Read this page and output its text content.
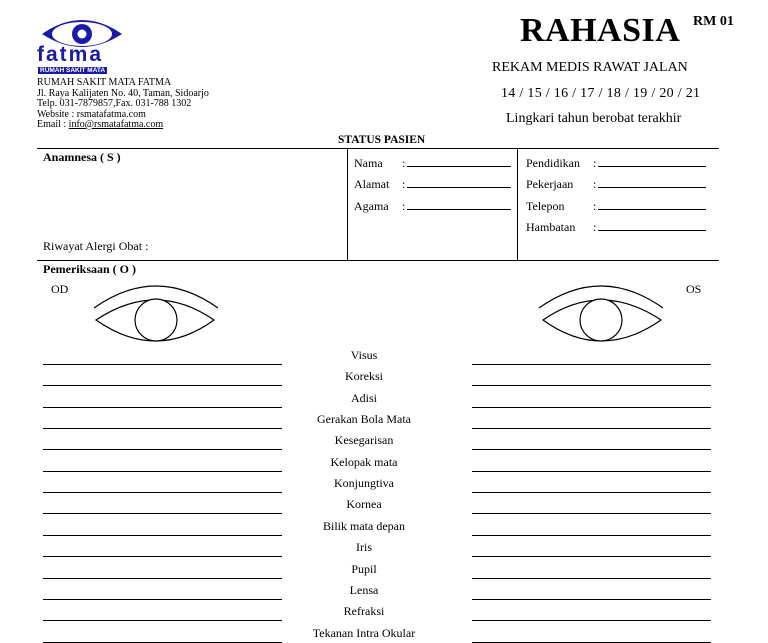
fatma
RUMAH SAKIT MATA
RUMAH SAKIT MATA FATMA
Jl. Raya Kalijaten No. 40, Taman, Sidoarjo
Telp. 031-7879857,Fax. 031-788 1302
Website : rsmatafatma.com
Email : info@rsmatafatma.com
RAHASIA RM 01
REKAM MEDIS RAWAT JALAN
14 / 15 / 16 / 17 / 18 / 19 / 20 / 21
Lingkari tahun berobat terakhir
STATUS PASIEN
Anamnesa ( S )
Riwayat Alergi Obat :
Nama	:
Alamat	:
Agama	:
Pendidikan	:
Pekerjaan	:
Telepon	:
Hambatan	:
Pemeriksaan ( O )
OD	OS
Visus
Koreksi
Adisi
Gerakan Bola Mata
Kesegarisan
Kelopak mata
Konjungtiva
Kornea
Bilik mata depan
Iris
Pupil
Lensa
Refraksi
Tekanan Intra Okular
